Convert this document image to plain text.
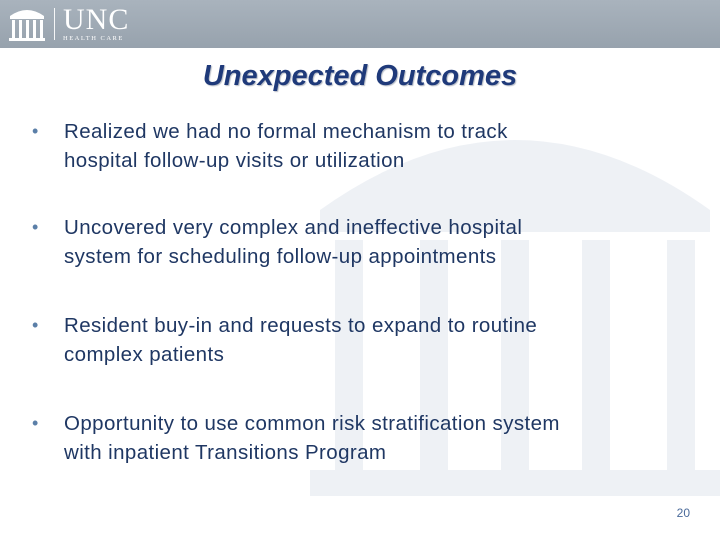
UNC
HEALTH CARE
Unexpected Outcomes
• Realized we had no formal mechanism to track
hospital follow-up visits or utilization
• Uncovered very complex and ineffective hospital
system for scheduling follow-up appointments
• Resident buy-in and requests to expand to routine
complex patients
• Opportunity to use common risk stratification system
with inpatient Transitions Program
20
